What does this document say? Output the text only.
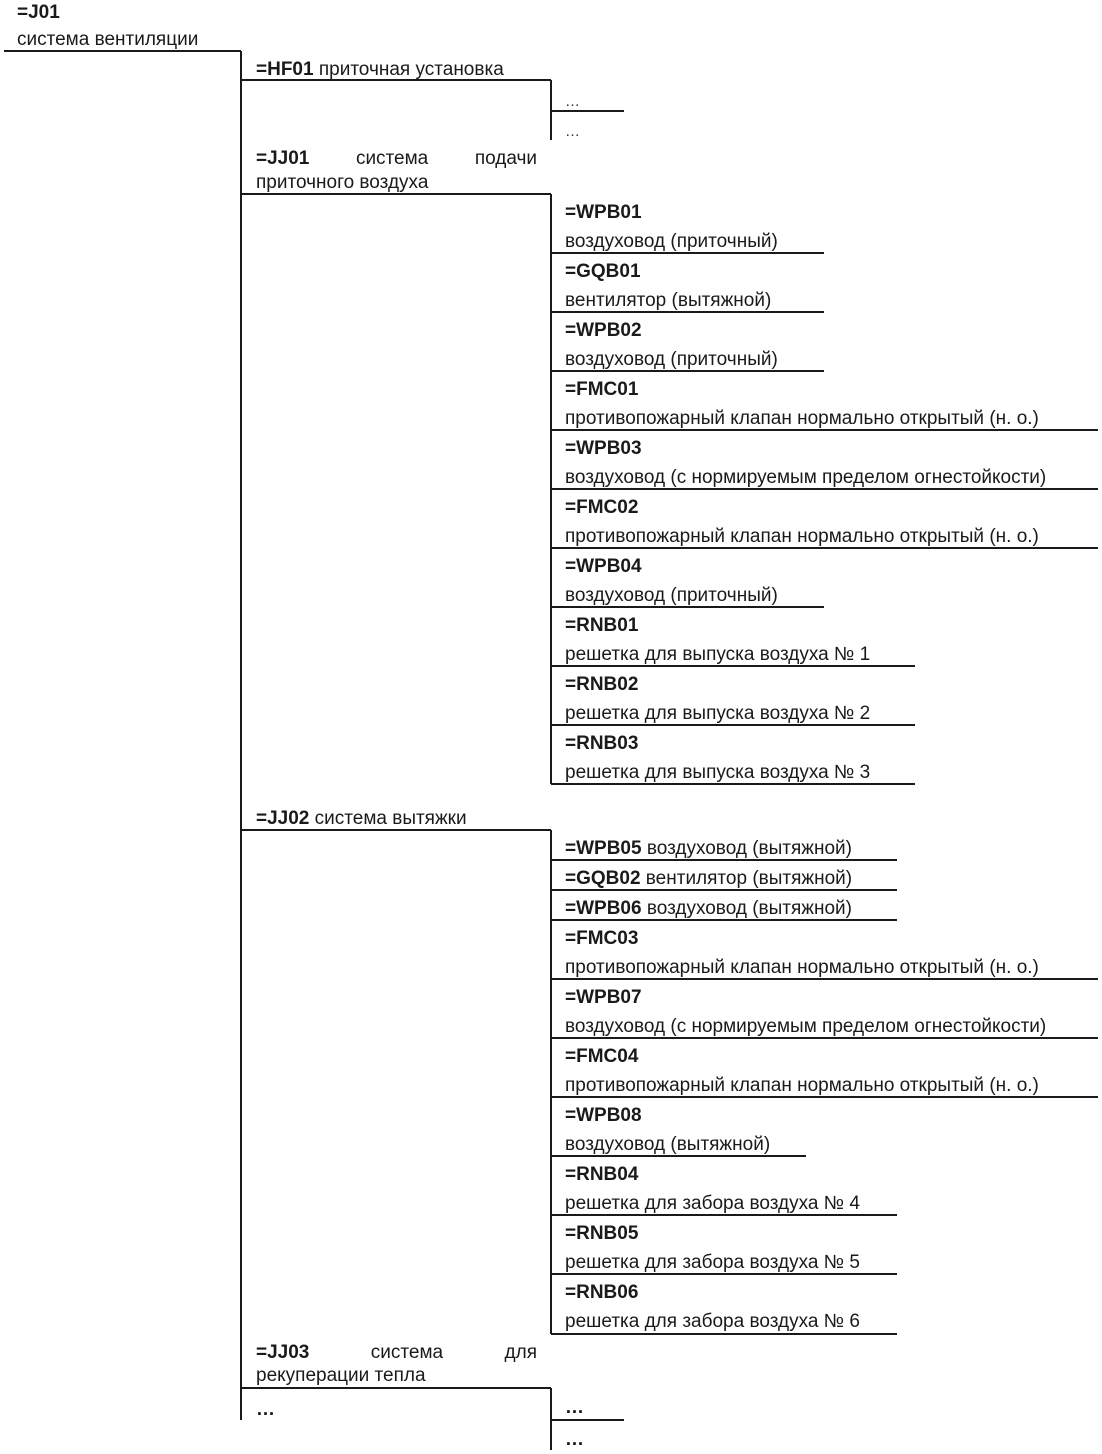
=J01
система вентиляции
=HF01 приточная установка
…
…
=JJ01 система подачи
приточного воздуха
=WPB01
воздуховод (приточный)
=GQB01
вентилятор (вытяжной)
=WPB02
воздуховод (приточный)
=FMC01
противопожарный клапан нормально открытый (н. о.)
=WPB03
воздуховод (с нормируемым пределом огнестойкости)
=FMC02
противопожарный клапан нормально открытый (н. о.)
=WPB04
воздуховод (приточный)
=RNB01
решетка для выпуска воздуха № 1
=RNB02
решетка для выпуска воздуха № 2
=RNB03
решетка для выпуска воздуха № 3
=JJ02 система вытяжки
=WPB05 воздуховод (вытяжной)
=GQB02 вентилятор (вытяжной)
=WPB06 воздуховод (вытяжной)
=FMC03
противопожарный клапан нормально открытый (н. о.)
=WPB07
воздуховод (с нормируемым пределом огнестойкости)
=FMC04
противопожарный клапан нормально открытый (н. о.)
=WPB08
воздуховод (вытяжной)
=RNB04
решетка для забора воздуха № 4
=RNB05
решетка для забора воздуха № 5
=RNB06
решетка для забора воздуха № 6
=JJ03	система	для
рекуперации тепла
…	…
…
